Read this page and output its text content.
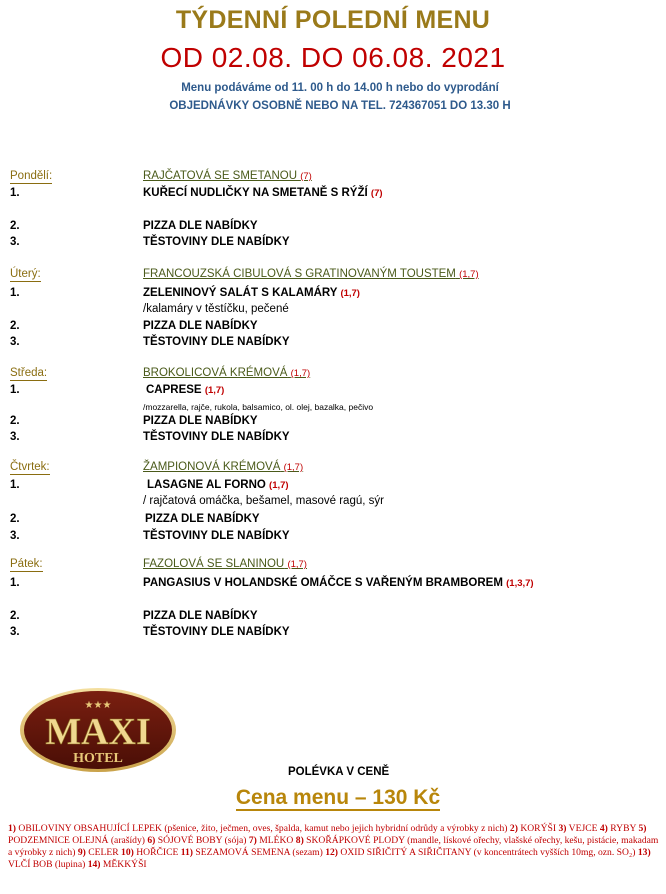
TÝDENNÍ POLEDNÍ MENU
OD 02.08. DO 06.08. 2021
Menu podáváme od 11. 00 h do 14.00 h nebo do vyprodání
OBJEDNÁVKY OSOBNĚ NEBO NA TEL. 724367051 DO 13.30 H
Pondělí:	RAJČATOVÁ SE SMETANOU (7)
1.	KUŘECÍ NUDLIČKY NA SMETANĚ S RÝŽÍ (7)
2.	PIZZA DLE NABÍDKY
3.	TĚSTOVINY DLE NABÍDKY
Úterý:	FRANCOUZSKÁ CIBULOVÁ S GRATINOVANÝM TOUSTEM (1,7)
1.	ZELENINOVÝ SALÁT S KALAMÁRY (1,7)
/kalamáry v těstíčku, pečené
2.	PIZZA DLE NABÍDKY
3.	TĚSTOVINY DLE NABÍDKY
Středa:	BROKOLICOVÁ KRÉMOVÁ (1,7)
1.	CAPRESE (1,7)
/mozzarella, rajče, rukola, balsamico, ol. olej, bazalka, pečivo
2.	PIZZA DLE NABÍDKY
3.	TĚSTOVINY DLE NABÍDKY
Čtvrtek:	ŽAMPIONOVÁ KRÉMOVÁ (1,7)
1.	LASAGNE AL FORNO (1,7)
/ rajčatová omáčka, bešamel, masové ragú, sýr
2.	PIZZA DLE NABÍDKY
3.	TĚSTOVINY DLE NABÍDKY
Pátek:	FAZOLOVÁ SE SLANINOU (1,7)
1.	PANGASIUS V HOLANDSKÉ OMÁČCE S VAŘENÝM BRAMBOREM (1,3,7)
2.	PIZZA DLE NABÍDKY
3.	TĚSTOVINY DLE NABÍDKY
★★★
MAXI
HOTEL
POLÉVKA V CENĚ
Cena menu – 130 Kč
1) OBILOVINY OBSAHUJÍCÍ LEPEK (pšenice, žito, ječmen, oves, špalda, kamut nebo jejich hybridní odrůdy a výrobky z nich) 2) KORÝŠI 3) VEJCE 4) RYBY 5) PODZEMNICE OLEJNÁ (arašídy) 6) SÓJOVÉ BOBY (sója) 7) MLÉKO 8) SKOŘÁPKOVÉ PLODY (mandle, lískové ořechy, vlašské ořechy, kešu, pistácie, makadam a výrobky z nich) 9) CELER 10) HOŘČICE 11) SEZAMOVÁ SEMENA (sezam) 12) OXID SIŘIČITÝ A SIŘIČITANY (v koncentrátech vyšších 10mg, ozn. SO₂) 13) VLČÍ BOB (lupina) 14) MĚKKÝŠI
